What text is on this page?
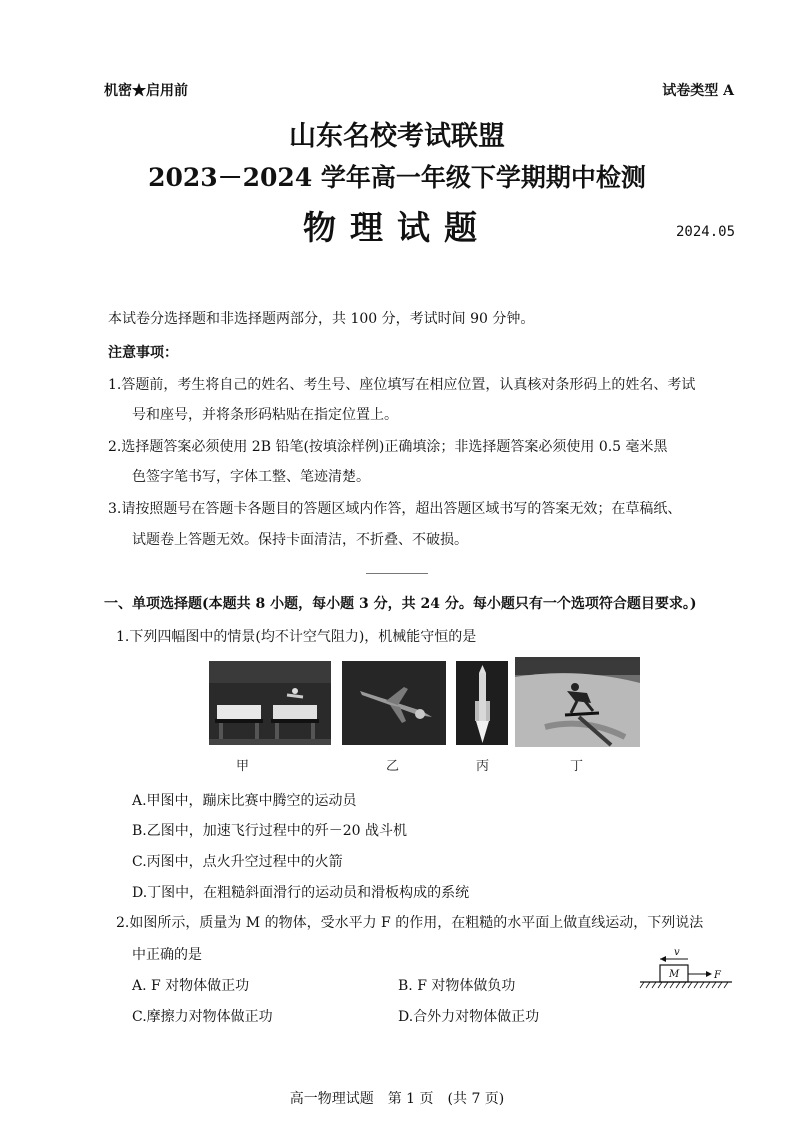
机密★启用前	试卷类型 A
山东名校考试联盟
2023－2024 学年高一年级下学期期中检测
物理试题	2024.05
本试卷分选择题和非选择题两部分，共 100 分，考试时间 90 分钟。
注意事项：
1.答题前，考生将自己的姓名、考生号、座位填写在相应位置，认真核对条形码上的姓名、考试
号和座号，并将条形码粘贴在指定位置上。
2.选择题答案必须使用 2B 铅笔(按填涂样例)正确填涂；非选择题答案必须使用 0.5 毫米黑
色签字笔书写，字体工整、笔迹清楚。
3.请按照题号在答题卡各题目的答题区域内作答，超出答题区域书写的答案无效；在草稿纸、
试题卷上答题无效。保持卡面清洁，不折叠、不破损。
一、单项选择题(本题共 8 小题，每小题 3 分，共 24 分。每小题只有一个选项符合题目要求。)
1.下列四幅图中的情景(均不计空气阻力)，机械能守恒的是
甲	乙	丙	丁
A.甲图中，蹦床比赛中腾空的运动员
B.乙图中，加速飞行过程中的歼－20 战斗机
C.丙图中，点火升空过程中的火箭
D.丁图中，在粗糙斜面滑行的运动员和滑板构成的系统
2.如图所示，质量为 M 的物体，受水平力 F 的作用，在粗糙的水平面上做直线运动，下列说法
中正确的是
A. F 对物体做正功	B. F 对物体做负功
C.摩擦力对物体做正功	D.合外力对物体做正功
v
M	F
高一物理试题　第 1 页　(共 7 页)
